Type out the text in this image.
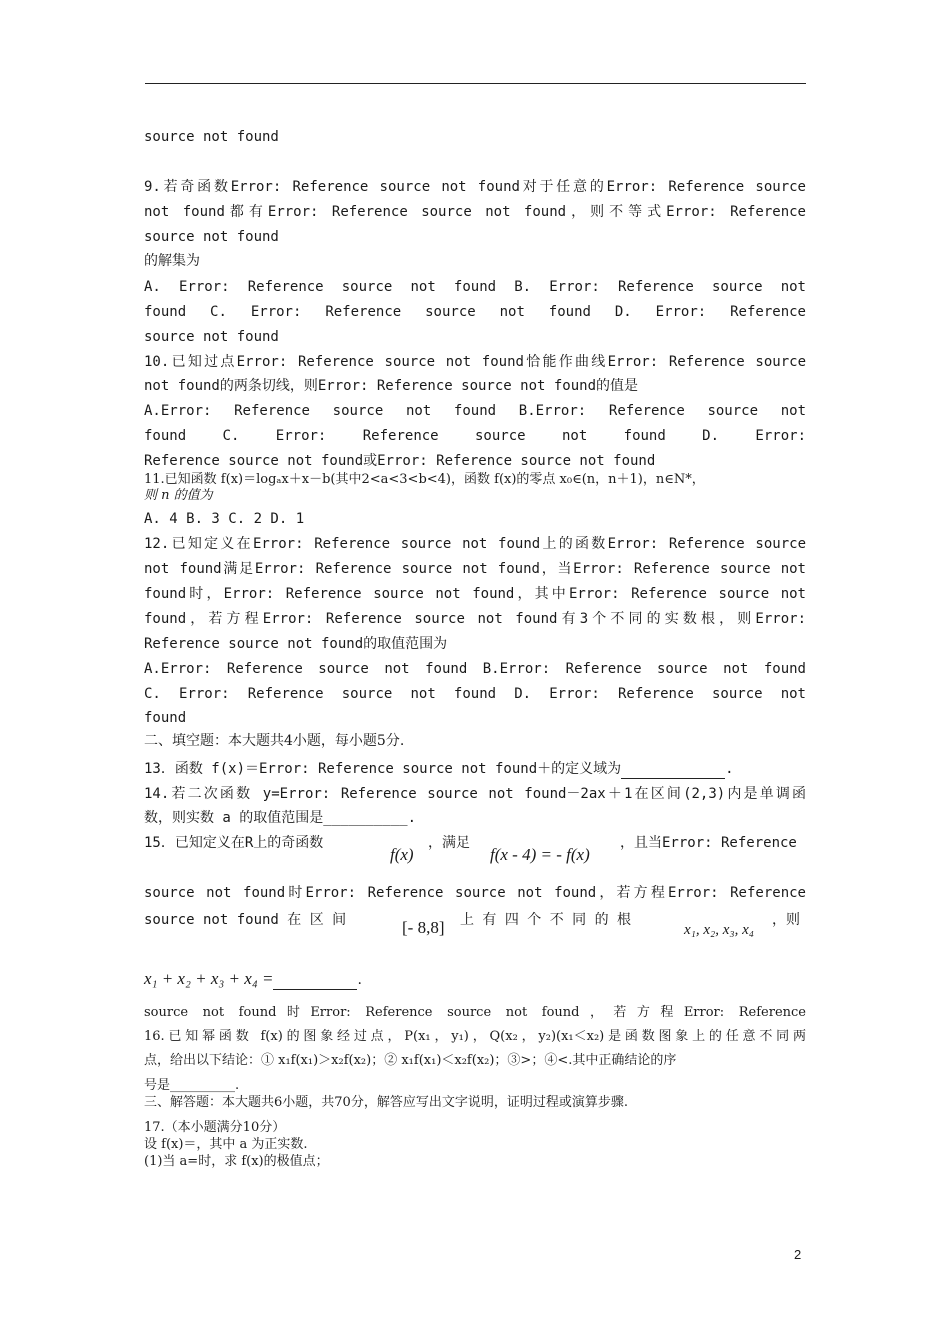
source not found
9.若奇函数Error: Reference source not found对于任意的Error: Reference source
not found都有Error: Reference source not found，则不等式Error: Reference
source not found
的解集为
A. Error: Reference source not found B. Error: Reference source not
found C. Error: Reference source not found D. Error: Reference
source not found
10.已知过点Error: Reference source not found恰能作曲线Error: Reference source
not found的两条切线，则Error: Reference source not found的值是
A.Error: Reference source not found B.Error: Reference source not
found C. Error: Reference source not found D. Error:
Reference source not found或Error: Reference source not found
11.已知函数 f(x)＝logₐx＋x－b(其中2<a<3<b<4)，函数 f(x)的零点 x₀∈(n，n＋1)，n∈N*，
则 n 的值为
A. 4 B. 3 C. 2 D. 1
12.已知定义在Error: Reference source not found上的函数Error: Reference source
not found满足Error: Reference source not found，当Error: Reference source not
found时，Error: Reference source not found，其中Error: Reference source not
found，若方程Error: Reference source not found有3个不同的实数根，则Error:
Reference source not found的取值范围为
A.Error: Reference source not found B.Error: Reference source not found
C. Error: Reference source not found D. Error: Reference source not
found
二、填空题：本大题共4小题，每小题5分.
13．函数 f(x)＝Error: Reference source not found＋的定义域为	.
14.若二次函数 y=Error: Reference source not found－2ax＋1在区间(2,3)内是单调函
数，则实数 a 的取值范围是__________.
15．已知定义在R上的奇函数
f(x)
，满足
f(x - 4) = - f(x)
，且当Error: Reference
source not found时Error: Reference source not found，若方程Error: Reference
source not found 在 区 间	[- 8,8] 上 有 四 个 不 同 的 根
x₁, x₂, x₃, x₄
，则
x₁ + x₂ + x₃ + x₄ =	.
source not found时Error: Reference source not found，若方程Error: Reference
16.已知幂函数 f(x)的图象经过点，P(x₁，y₁)，Q(x₂，y₂)(x₁＜x₂)是函数图象上的任意不同两
点，给出以下结论：① x₁f(x₁)＞x₂f(x₂)；② x₁f(x₁)＜x₂f(x₂)；③>；④<.其中正确结论的序
号是__________.
三、解答题：本大题共6小题，共70分，解答应写出文字说明，证明过程或演算步骤.
17.（本小题满分10分）
设 f(x)＝，其中 a 为正实数.
(1)当 a=时，求 f(x)的极值点；
2
